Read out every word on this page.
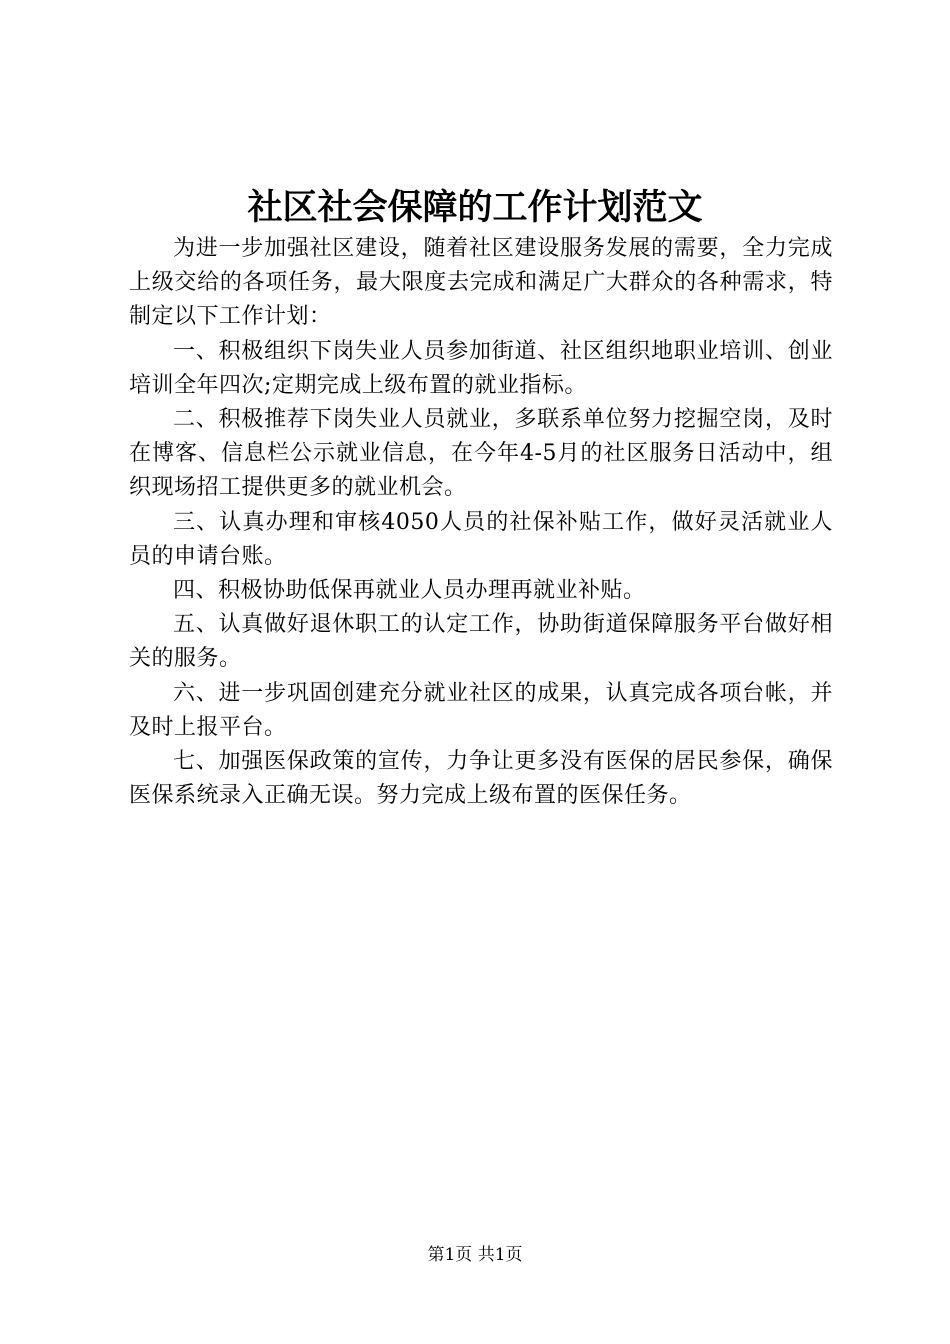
社区社会保障的工作计划范文

为进一步加强社区建设，随着社区建设服务发展的需要，全力完成上级交给的各项任务，最大限度去完成和满足广大群众的各种需求，特制定以下工作计划：

一、积极组织下岗失业人员参加街道、社区组织地职业培训、创业培训全年四次;定期完成上级布置的就业指标。

二、积极推荐下岗失业人员就业，多联系单位努力挖掘空岗，及时在博客、信息栏公示就业信息，在今年4-5月的社区服务日活动中，组织现场招工提供更多的就业机会。

三、认真办理和审核4050人员的社保补贴工作，做好灵活就业人员的申请台账。

四、积极协助低保再就业人员办理再就业补贴。

五、认真做好退休职工的认定工作，协助街道保障服务平台做好相关的服务。

六、进一步巩固创建充分就业社区的成果，认真完成各项台帐，并及时上报平台。

七、加强医保政策的宣传，力争让更多没有医保的居民参保，确保医保系统录入正确无误。努力完成上级布置的医保任务。

第1页 共1页
